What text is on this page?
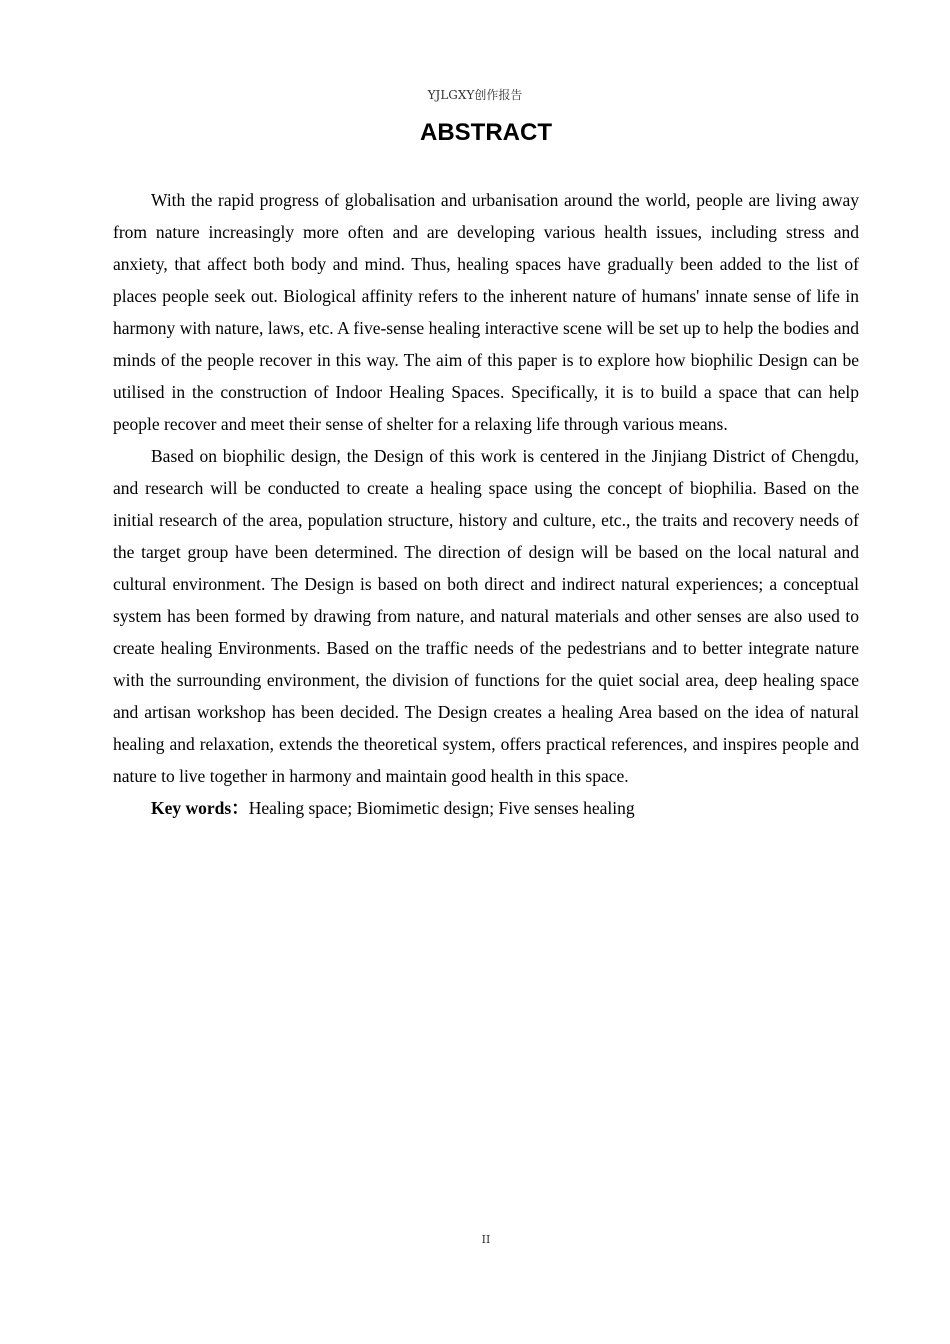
YJLGXY创作报告
ABSTRACT

With the rapid progress of globalisation and urbanisation around the world, people are living away from nature increasingly more often and are developing various health issues, including stress and anxiety, that affect both body and mind. Thus, healing spaces have gradually been added to the list of places people seek out. Biological affinity refers to the inherent nature of humans' innate sense of life in harmony with nature, laws, etc. A five-sense healing interactive scene will be set up to help the bodies and minds of the people recover in this way. The aim of this paper is to explore how biophilic Design can be utilised in the construction of Indoor Healing Spaces. Specifically, it is to build a space that can help people recover and meet their sense of shelter for a relaxing life through various means.

Based on biophilic design, the Design of this work is centered in the Jinjiang District of Chengdu, and research will be conducted to create a healing space using the concept of biophilia. Based on the initial research of the area, population structure, history and culture, etc., the traits and recovery needs of the target group have been determined. The direction of design will be based on the local natural and cultural environment. The Design is based on both direct and indirect natural experiences; a conceptual system has been formed by drawing from nature, and natural materials and other senses are also used to create healing Environments. Based on the traffic needs of the pedestrians and to better integrate nature with the surrounding environment, the division of functions for the quiet social area, deep healing space and artisan workshop has been decided. The Design creates a healing Area based on the idea of natural healing and relaxation, extends the theoretical system, offers practical references, and inspires people and nature to live together in harmony and maintain good health in this space.

Key words：Healing space; Biomimetic design; Five senses healing

II
